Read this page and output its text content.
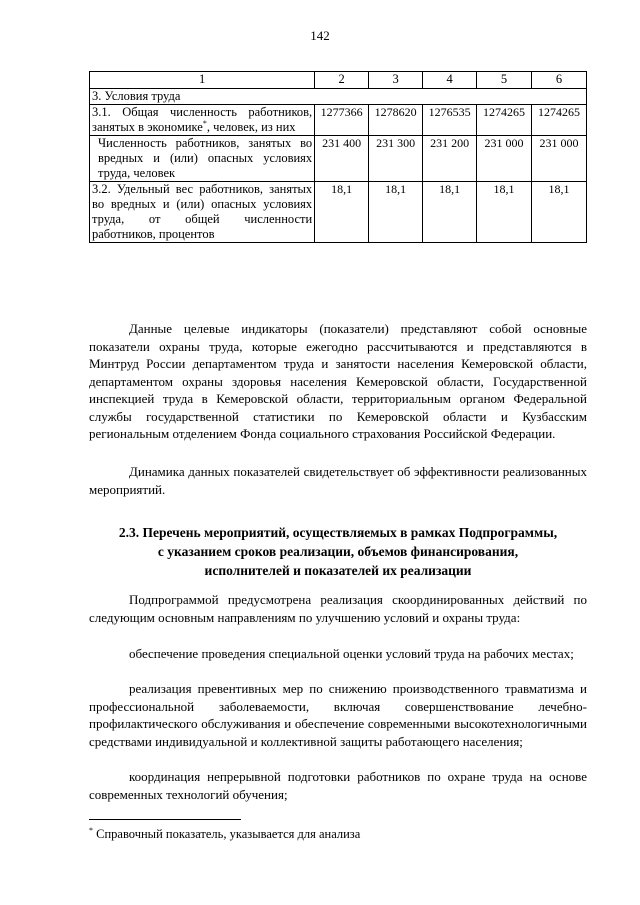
142
1	2	3	4	5	6
3. Условия труда					
3.1. Общая численность работников, занятых в экономике*, человек, из них	1277366	1278620	1276535	1274265	1274265
Численность работников, занятых во вредных и (или) опасных условиях труда, человек	231 400	231 300	231 200	231 000	231 000
3.2. Удельный вес работников, занятых во вредных и (или) опасных условиях труда, от общей численности работников, процентов	18,1	18,1	18,1	18,1	18,1

Данные целевые индикаторы (показатели) представляют собой основные показатели охраны труда, которые ежегодно рассчитываются и представляются в Минтруд России департаментом труда и занятости населения Кемеровской области, департаментом охраны здоровья населения Кемеровской области, Государственной инспекцией труда в Кемеровской области, территориальным органом Федеральной службы государственной статистики по Кемеровской области и Кузбасским региональным отделением Фонда социального страхования Российской Федерации.

Динамика данных показателей свидетельствует об эффективности реализованных мероприятий.

2.3. Перечень мероприятий, осуществляемых в рамках Подпрограммы,
с указанием сроков реализации, объемов финансирования,
исполнителей и показателей их реализации

Подпрограммой предусмотрена реализация скоординированных действий по следующим основным направлениям по улучшению условий и охраны труда:

обеспечение проведения специальной оценки условий труда на рабочих местах;

реализация превентивных мер по снижению производственного травматизма и профессиональной заболеваемости, включая совершенствование лечебно-профилактического обслуживания и обеспечение современными высокотехнологичными средствами индивидуальной и коллективной защиты работающего населения;

координация непрерывной подготовки работников по охране труда на основе современных технологий обучения;

* Справочный показатель, указывается для анализа
